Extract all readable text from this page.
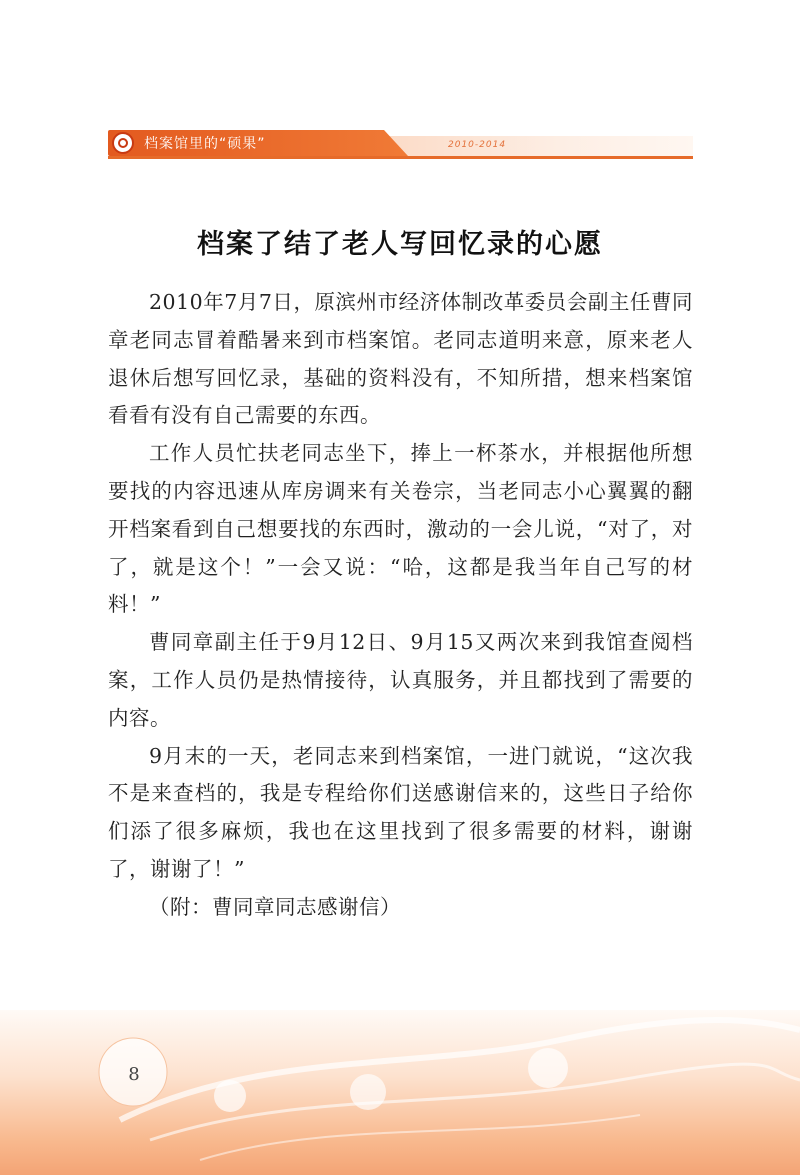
档案馆里的“硕果”	2010-2014
档案了结了老人写回忆录的心愿

2010年7月7日，原滨州市经济体制改革委员会副主任曹同章老同志冒着酷暑来到市档案馆。老同志道明来意，原来老人退休后想写回忆录，基础的资料没有，不知所措，想来档案馆看看有没有自己需要的东西。

工作人员忙扶老同志坐下，捧上一杯茶水，并根据他所想要找的内容迅速从库房调来有关卷宗，当老同志小心翼翼的翻开档案看到自己想要找的东西时，激动的一会儿说，“对了，对了，就是这个！”一会又说：“哈，这都是我当年自己写的材料！”

曹同章副主任于9月12日、9月15又两次来到我馆查阅档案，工作人员仍是热情接待，认真服务，并且都找到了需要的内容。

9月末的一天，老同志来到档案馆，一进门就说，“这次我不是来查档的，我是专程给你们送感谢信来的，这些日子给你们添了很多麻烦，我也在这里找到了很多需要的材料，谢谢了，谢谢了！”

（附：曹同章同志感谢信）

8
